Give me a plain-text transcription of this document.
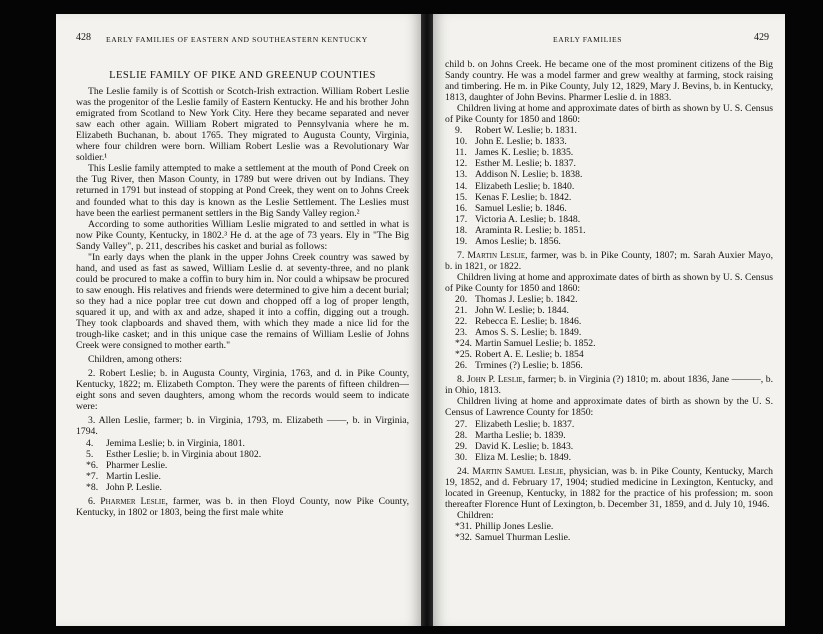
428 EARLY FAMILIES OF EASTERN AND SOUTHEASTERN KENTUCKY
LESLIE FAMILY OF PIKE AND GREENUP COUNTIES

The Leslie family is of Scottish or Scotch-Irish extraction. William Robert Leslie was the progenitor of the Leslie family of Eastern Kentucky. He and his brother John emigrated from Scotland to New York City. Here they became separated and never saw each other again. William Robert migrated to Pennsylvania where he m. Elizabeth Buchanan, b. about 1765. They migrated to Augusta County, Virginia, where four children were born. William Robert Leslie was a Revolutionary War soldier.¹

This Leslie family attempted to make a settlement at the mouth of Pond Creek on the Tug River, then Mason County, in 1789 but were driven out by Indians. They returned in 1791 but instead of stopping at Pond Creek, they went on to Johns Creek and founded what to this day is known as the Leslie Settlement. The Leslies must have been the earliest permanent settlers in the Big Sandy Valley region.²

According to some authorities William Leslie migrated to and settled in what is now Pike County, Kentucky, in 1802.³ He d. at the age of 73 years. Ely in "The Big Sandy Valley", p. 211, describes his casket and burial as follows:

"In early days when the plank in the upper Johns Creek country was sawed by hand, and used as fast as sawed, William Leslie d. at seventy-three, and no plank could be procured to make a coffin to bury him in. Nor could a whipsaw be procured to saw enough. His relatives and friends were determined to give him a decent burial; so they had a nice poplar tree cut down and chopped off a log of proper length, squared it up, and with ax and adze, shaped it into a coffin, digging out a trough. They took clapboards and shaved them, with which they made a nice lid for the trough-like casket; and in this unique case the remains of William Leslie of Johns Creek were consigned to mother earth."

Children, among others:

2. Robert Leslie; b. in Augusta County, Virginia, 1763, and d. in Pike County, Kentucky, 1822; m. Elizabeth Compton. They were the parents of fifteen children—eight sons and seven daughters, among whom the records would seem to indicate were:

3. Allen Leslie, farmer; b. in Virginia, 1793, m. Elizabeth ——, b. in Virginia, 1794.

4. Jemima Leslie; b. in Virginia, 1801.
5. Esther Leslie; b. in Virginia about 1802.
*6. Pharmer Leslie.
*7. Martin Leslie.
*8. John P. Leslie.

6. Pharmer Leslie, farmer, was b. in then Floyd County, now Pike County, Kentucky, in 1802 or 1803, being the first male white

EARLY FAMILIES	429

child b. on Johns Creek. He became one of the most prominent citizens of the Big Sandy country. He was a model farmer and grew wealthy at farming, stock raising and timbering. He m. in Pike County, July 12, 1829, Mary J. Bevins, b. in Kentucky, 1813, daughter of John Bevins. Pharmer Leslie d. in 1883.

Children living at home and approximate dates of birth as shown by U. S. Census of Pike County for 1850 and 1860:

9. Robert W. Leslie; b. 1831.
10. John E. Leslie; b. 1833.
11. James K. Leslie; b. 1835.
12. Esther M. Leslie; b. 1837.
13. Addison N. Leslie; b. 1838.
14. Elizabeth Leslie; b. 1840.
15. Kenas F. Leslie; b. 1842.
16. Samuel Leslie; b. 1846.
17. Victoria A. Leslie; b. 1848.
18. Araminta R. Leslie; b. 1851.
19. Amos Leslie; b. 1856.

7. Martin Leslie, farmer, was b. in Pike County, 1807; m. Sarah Auxier Mayo, b. in 1821, or 1822.

Children living at home and approximate dates of birth as shown by U. S. Census of Pike County for 1850 and 1860:

20. Thomas J. Leslie; b. 1842.
21. John W. Leslie; b. 1844.
22. Rebecca E. Leslie; b. 1846.
23. Amos S. S. Leslie; b. 1849.
*24. Martin Samuel Leslie; b. 1852.
*25. Robert A. E. Leslie; b. 1854
26. Trmines (?) Leslie; b. 1856.

8. John P. Leslie, farmer; b. in Virginia (?) 1810; m. about 1836, Jane ———, b. in Ohio, 1813.

Children living at home and approximate dates of birth as shown by the U. S. Census of Lawrence County for 1850:

27. Elizabeth Leslie; b. 1837.
28. Martha Leslie; b. 1839.
29. David K. Leslie; b. 1843.
30. Eliza M. Leslie; b. 1849.

24. Martin Samuel Leslie, physician, was b. in Pike County, Kentucky, March 19, 1852, and d. February 17, 1904; studied medicine in Lexington, Kentucky, and located in Greenup, Kentucky, in 1882 for the practice of his profession; m. soon thereafter Florence Hunt of Lexington, b. December 31, 1859, and d. July 10, 1946.

Children:

*31. Phillip Jones Leslie.
*32. Samuel Thurman Leslie.
